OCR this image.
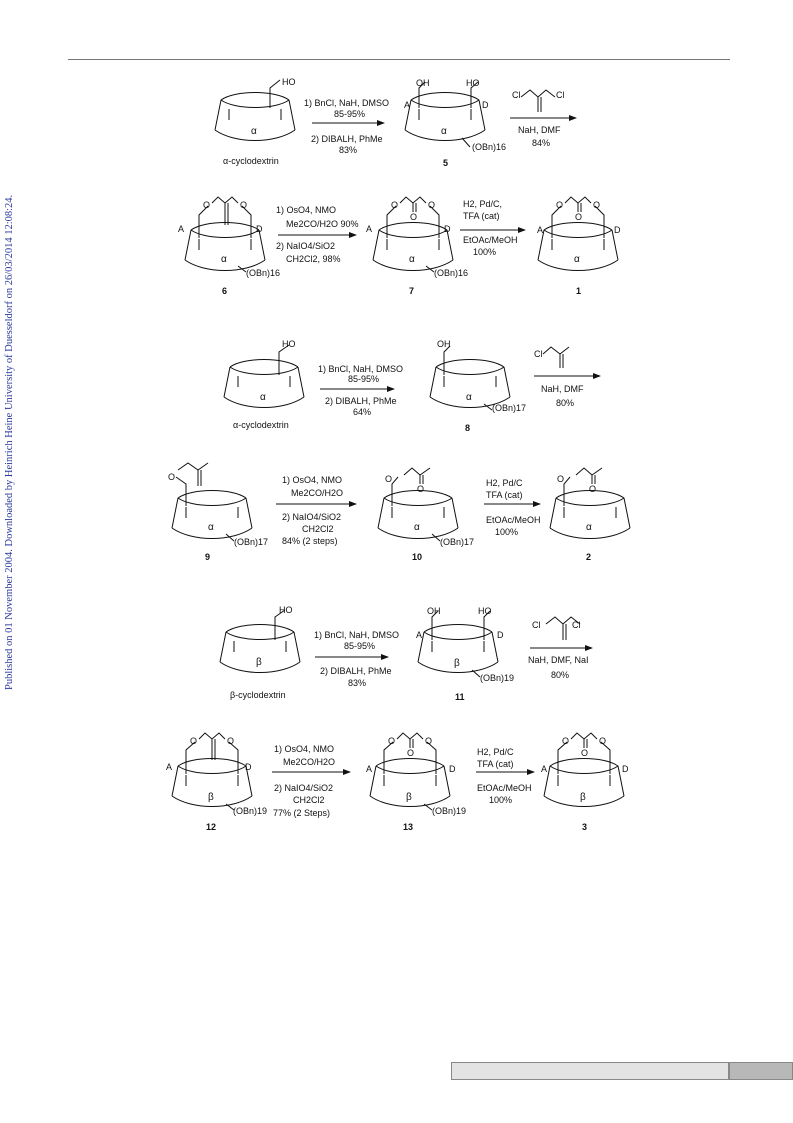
Published on 01 November 2004. Downloaded by Heinrich Heine University of Duesseldorf on 26/03/2014 12:08:24.
HO
α
α-cyclodextrin
1) BnCl, NaH, DMSO
85-95%
2) DIBALH, PhMe
83%
OH	HO
A	D
α
(OBn)16
5
Cl	Cl
NaH, DMF
84%
O	O
A	D
α
(OBn)16
6
1) OsO4, NMO
Me2CO/H2O 90%
2) NaIO4/SiO2
CH2Cl2, 98%
O	O
O
A	D
α
(OBn)16
7
H2, Pd/C,
TFA (cat)
EtOAc/MeOH
100%
O	O
O
A	D
α
1
HO
α
α-cyclodextrin
1) BnCl, NaH, DMSO
85-95%
2) DIBALH, PhMe
64%
OH
α
(OBn)17
8
Cl
NaH, DMF
80%
O
α
(OBn)17
9
1) OsO4, NMO
Me2CO/H2O
2) NaIO4/SiO2
CH2Cl2
84% (2 steps)
O
O
α
(OBn)17
10
H2, Pd/C
TFA (cat)
EtOAc/MeOH
100%
O
O
α
2
HO
β
β-cyclodextrin
1) BnCl, NaH, DMSO
85-95%
2) DIBALH, PhMe
83%
OH	HO
A	D
β
(OBn)19
11
Cl	Cl
NaH, DMF, NaI
80%
O	O
A	D
β
(OBn)19
12
1) OsO4, NMO
Me2CO/H2O
2) NaIO4/SiO2
CH2Cl2
77% (2 Steps)
O	O
O
A	D
β
(OBn)19
13
H2, Pd/C
TFA (cat)
EtOAc/MeOH
100%
O	O
O
A	D
β
3
